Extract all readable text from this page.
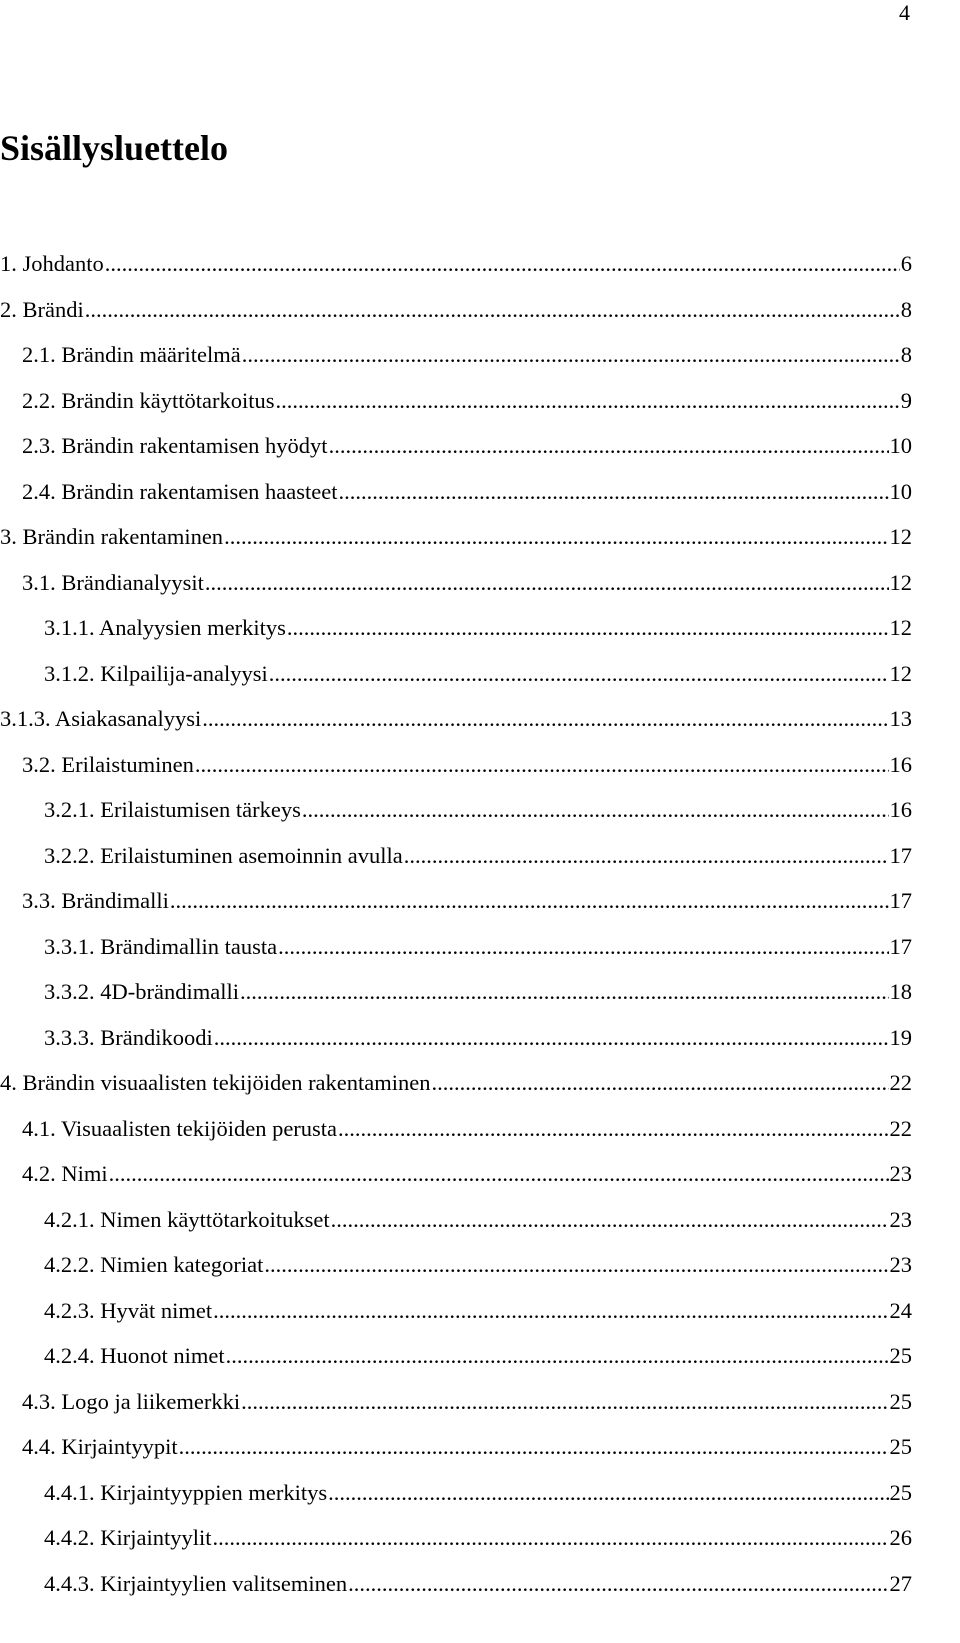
4
Sisällysluettelo
1. Johdanto .....	6
2. Brändi .....	8
2.1. Brändin määritelmä .....	8
2.2. Brändin käyttötarkoitus .....	9
2.3. Brändin rakentamisen hyödyt .....	10
2.4. Brändin rakentamisen haasteet .....	10
3. Brändin rakentaminen .....	12
3.1. Brändianalyysit .....	12
3.1.1. Analyysien merkitys .....	12
3.1.2. Kilpailija-analyysi .....	12
3.1.3. Asiakasanalyysi .....	13
3.2. Erilaistuminen .....	16
3.2.1. Erilaistumisen tärkeys .....	16
3.2.2. Erilaistuminen asemoinnin avulla .....	17
3.3. Brändimalli .....	17
3.3.1. Brändimallin tausta .....	17
3.3.2. 4D-brändimalli .....	18
3.3.3. Brändikoodi .....	19
4. Brändin visuaalisten tekijöiden rakentaminen .....	22
4.1. Visuaalisten tekijöiden perusta .....	22
4.2. Nimi .....	23
4.2.1. Nimen käyttötarkoitukset .....	23
4.2.2. Nimien kategoriat .....	23
4.2.3. Hyvät nimet .....	24
4.2.4. Huonot nimet .....	25
4.3. Logo ja liikemerkki .....	25
4.4. Kirjaintyypit .....	25
4.4.1. Kirjaintyyppien merkitys .....	25
4.4.2. Kirjaintyylit .....	26
4.4.3. Kirjaintyylien valitseminen .....	27
